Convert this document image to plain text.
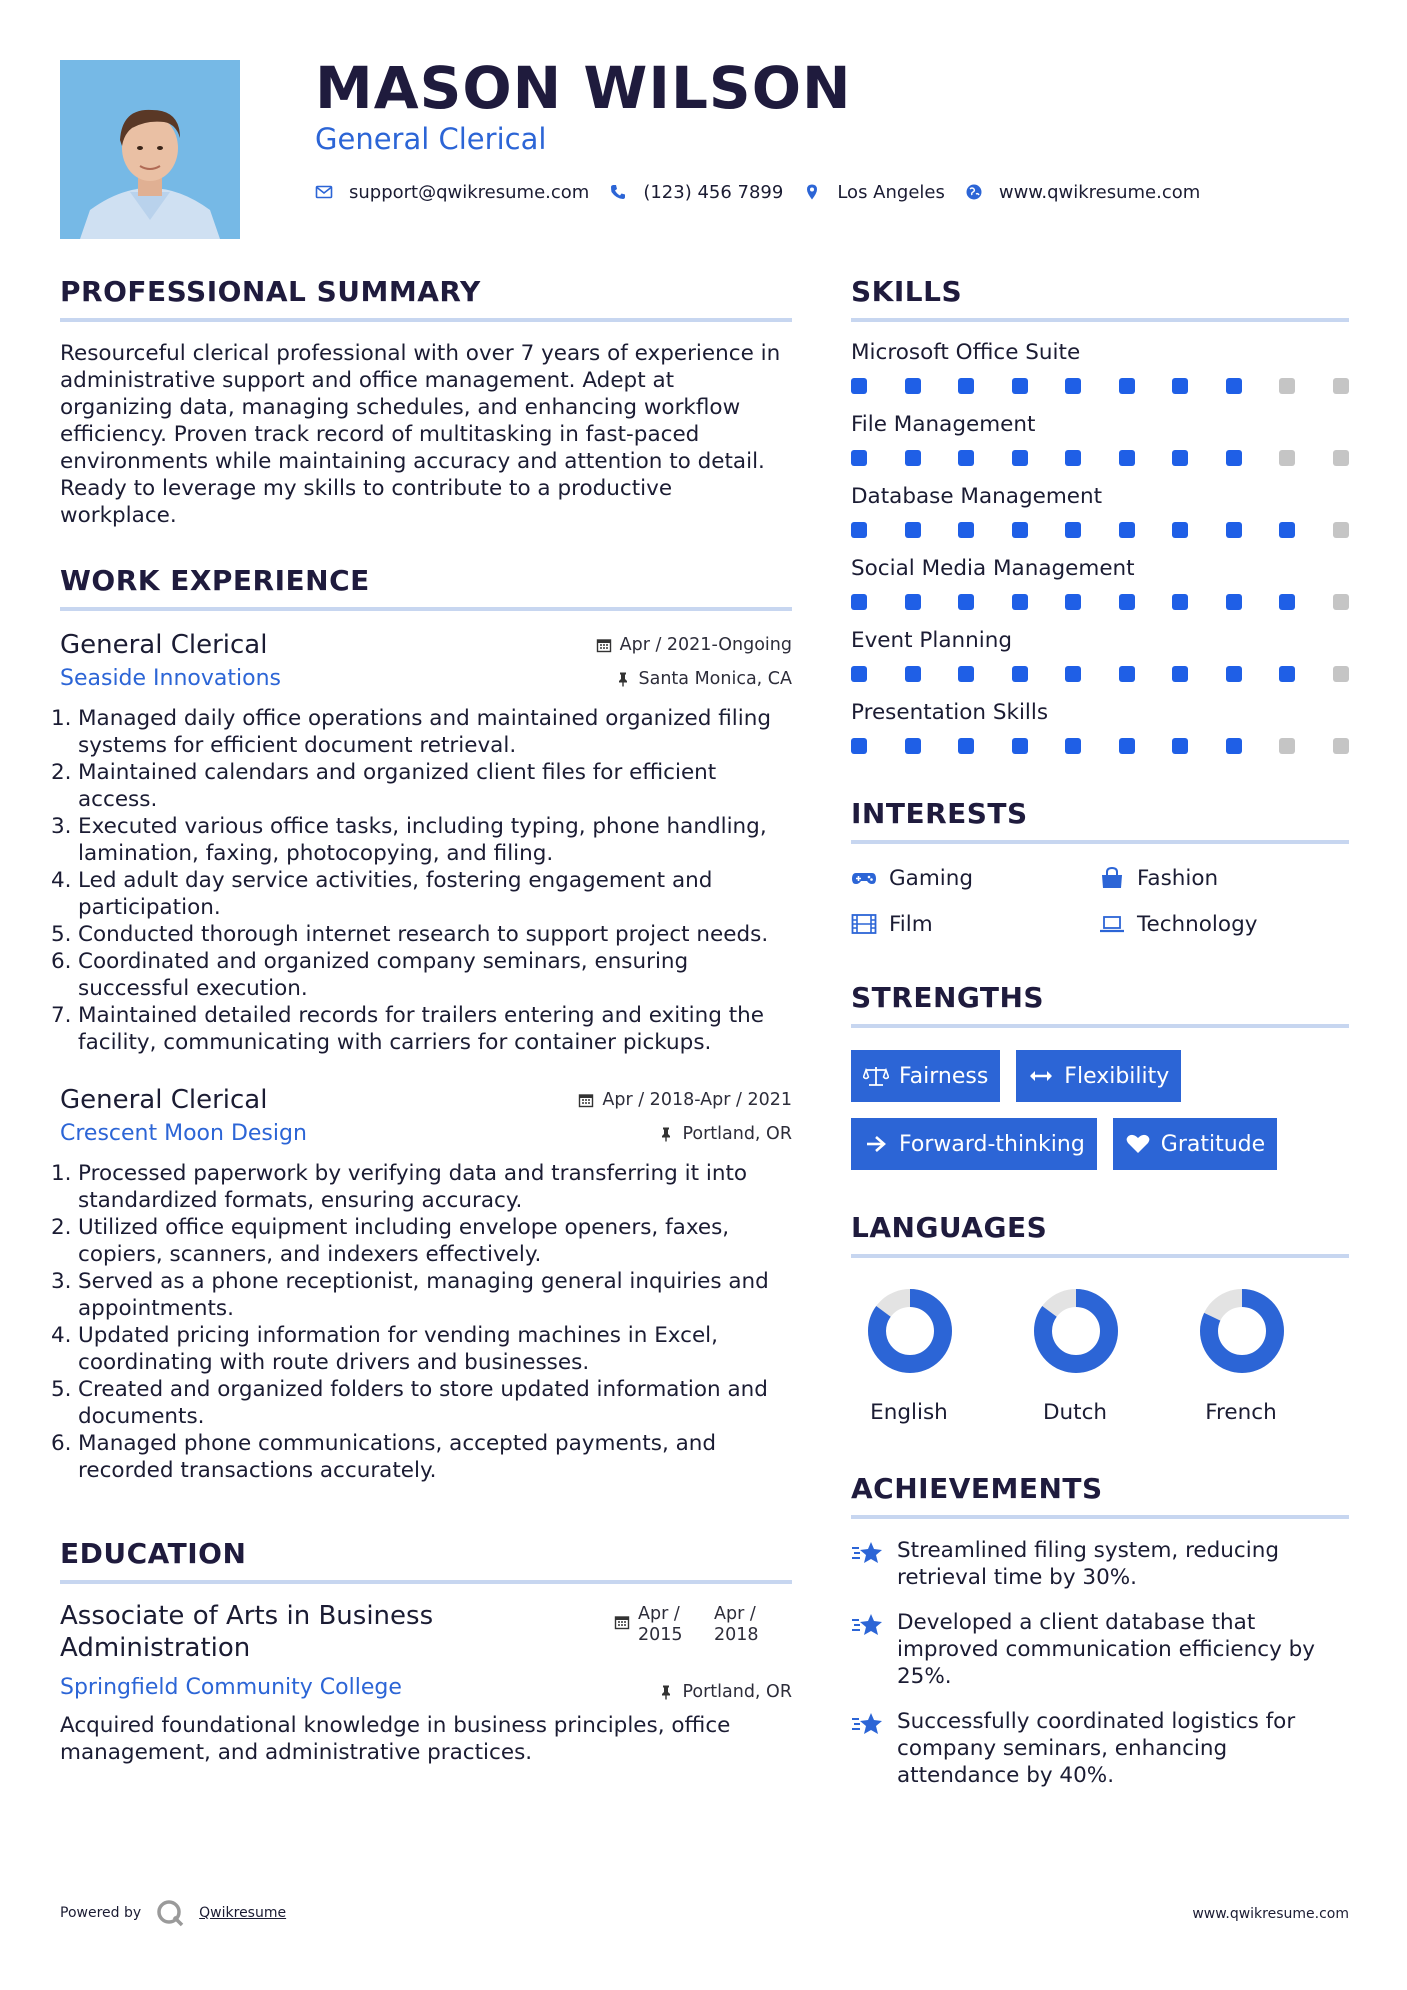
MASON WILSON
General Clerical
support@qwikresume.com	(123) 456 7899	Los Angeles	www.qwikresume.com
PROFESSIONAL SUMMARY

Resourceful clerical professional with over 7 years of experience in administrative support and office management. Adept at organizing data, managing schedules, and enhancing workflow efficiency. Proven track record of multitasking in fast-paced environments while maintaining accuracy and attention to detail. Ready to leverage my skills to contribute to a productive workplace.

WORK EXPERIENCE
General Clerical
Seaside Innovations
Apr / 2021-Ongoing
Santa Monica, CA
1. Managed daily office operations and maintained organized filing systems for efficient document retrieval.
2. Maintained calendars and organized client files for efficient access.
3. Executed various office tasks, including typing, phone handling, lamination, faxing, photocopying, and filing.
4. Led adult day service activities, fostering engagement and participation.
5. Conducted thorough internet research to support project needs.
6. Coordinated and organized company seminars, ensuring successful execution.
7. Maintained detailed records for trailers entering and exiting the facility, communicating with carriers for container pickups.
General Clerical
Crescent Moon Design
Apr / 2018-Apr / 2021
Portland, OR
1. Processed paperwork by verifying data and transferring it into standardized formats, ensuring accuracy.
2. Utilized office equipment including envelope openers, faxes, copiers, scanners, and indexers effectively.
3. Served as a phone receptionist, managing general inquiries and appointments.
4. Updated pricing information for vending machines in Excel, coordinating with route drivers and businesses.
5. Created and organized folders to store updated information and documents.
6. Managed phone communications, accepted payments, and recorded transactions accurately.
EDUCATION
Associate of Arts in Business Administration
Springfield Community College
Apr / 2015
Apr / 2018
Portland, OR

Acquired foundational knowledge in business principles, office management, and administrative practices.

SKILLS
Microsoft Office Suite
File Management
Database Management
Social Media Management
Event Planning
Presentation Skills
INTERESTS
Gaming	Fashion
Film	Technology
STRENGTHS
Fairness	Flexibility
Forward-thinking	Gratitude
LANGUAGES
English	Dutch	French
ACHIEVEMENTS
Streamlined filing system, reducing retrieval time by 30%.
Developed a client database that improved communication efficiency by 25%.
Successfully coordinated logistics for company seminars, enhancing attendance by 40%.
Powered by	Qwikresume	www.qwikresume.com
